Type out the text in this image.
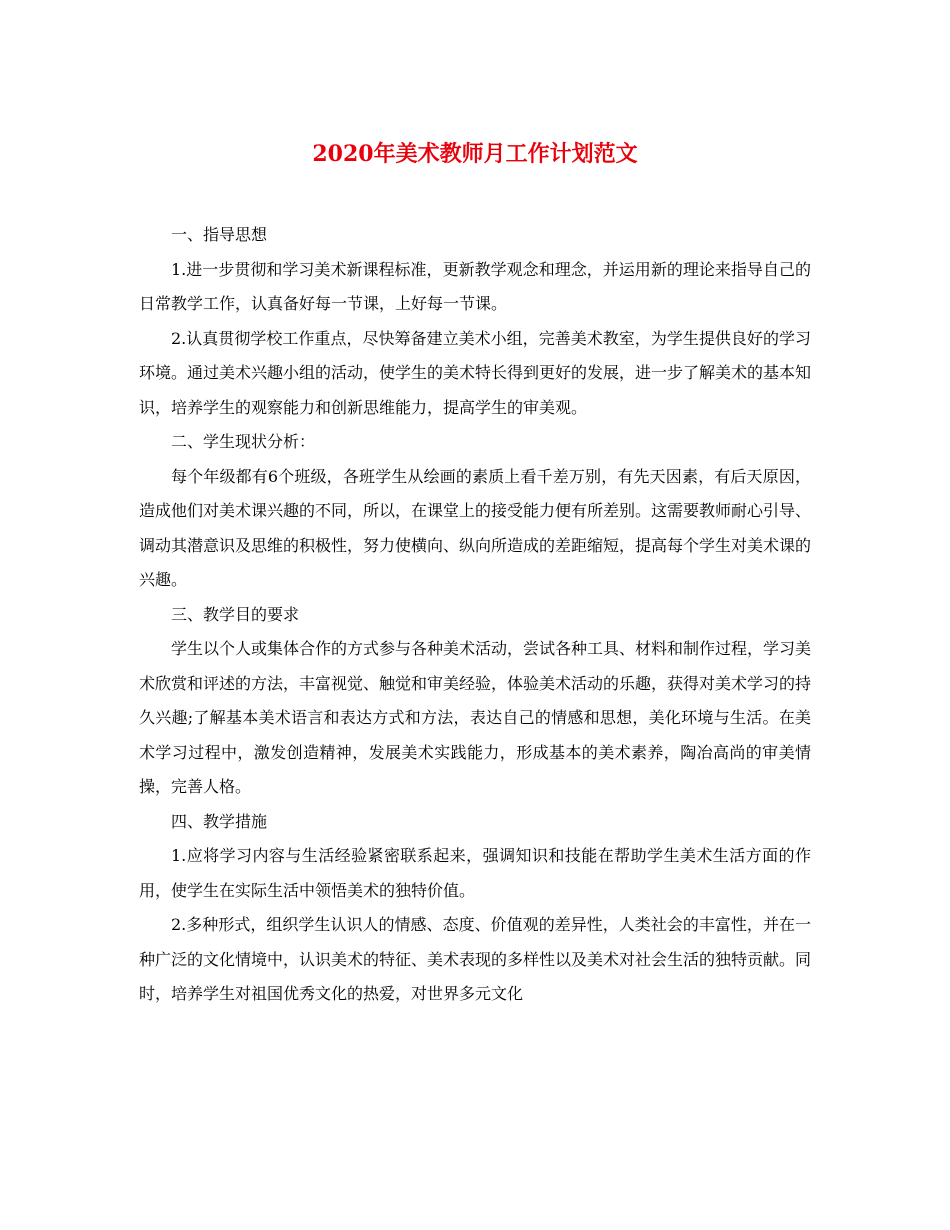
2020年美术教师月工作计划范文

一、指导思想

1.进一步贯彻和学习美术新课程标准，更新教学观念和理念，并运用新的理论来指导自己的日常教学工作，认真备好每一节课，上好每一节课。

2.认真贯彻学校工作重点，尽快筹备建立美术小组，完善美术教室，为学生提供良好的学习环境。通过美术兴趣小组的活动，使学生的美术特长得到更好的发展，进一步了解美术的基本知识，培养学生的观察能力和创新思维能力，提高学生的审美观。

二、学生现状分析：

每个年级都有6个班级，各班学生从绘画的素质上看千差万别，有先天因素，有后天原因，造成他们对美术课兴趣的不同，所以，在课堂上的接受能力便有所差别。这需要教师耐心引导、调动其潜意识及思维的积极性，努力使横向、纵向所造成的差距缩短，提高每个学生对美术课的兴趣。

三、教学目的要求

学生以个人或集体合作的方式参与各种美术活动，尝试各种工具、材料和制作过程，学习美术欣赏和评述的方法，丰富视觉、触觉和审美经验，体验美术活动的乐趣，获得对美术学习的持久兴趣;了解基本美术语言和表达方式和方法，表达自己的情感和思想，美化环境与生活。在美术学习过程中，激发创造精神，发展美术实践能力，形成基本的美术素养，陶冶高尚的审美情操，完善人格。

四、教学措施

1.应将学习内容与生活经验紧密联系起来，强调知识和技能在帮助学生美术生活方面的作用，使学生在实际生活中领悟美术的独特价值。

2.多种形式，组织学生认识人的情感、态度、价值观的差异性，人类社会的丰富性，并在一种广泛的文化情境中，认识美术的特征、美术表现的多样性以及美术对社会生活的独特贡献。同时，培养学生对祖国优秀文化的热爱，对世界多元文化
